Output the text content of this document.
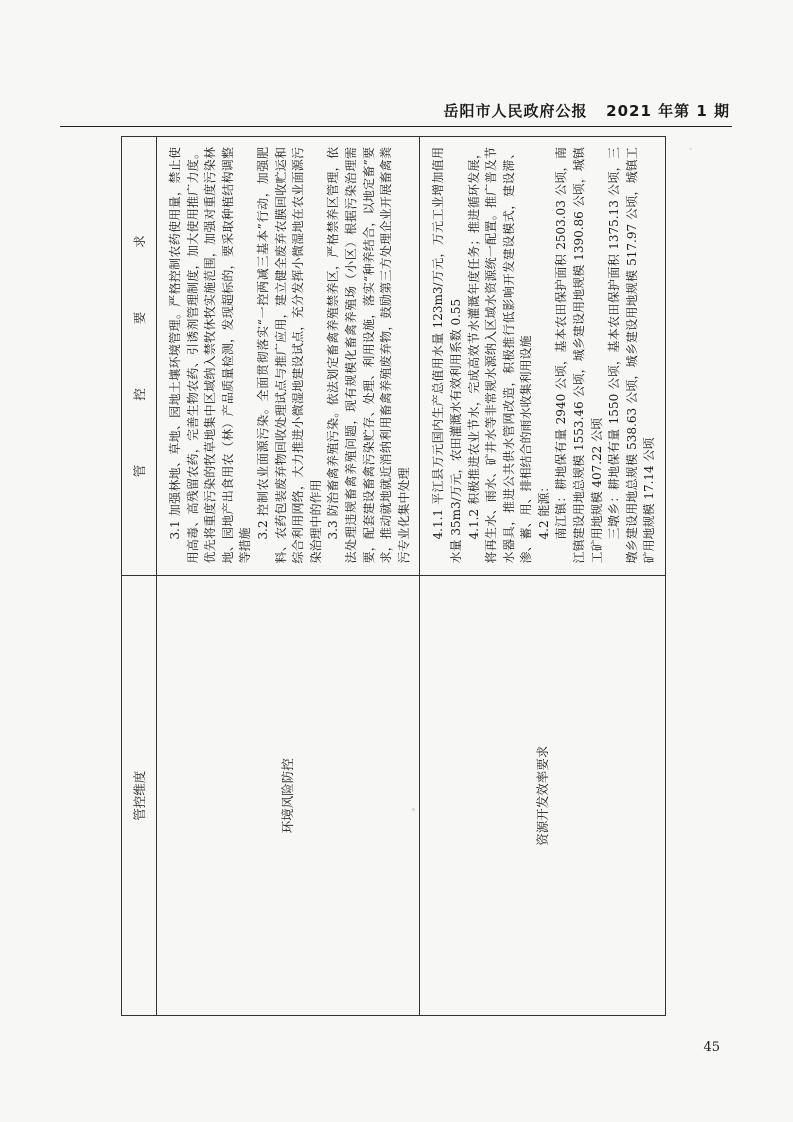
岳阳市人民政府公报 2021 年第 1 期
管控维度	管控要求
环境风险防控	3.1 加强林地、草地、园地土壤环境管理。严格控制农药使用量，禁止使用高毒、高残留农药，完善生物农药、引诱剂管理制度，加大使用推广力度。优先将重度污染的牧草地集中区域纳入禁牧休牧实施范围，加强对重度污染林地、园地产出食用农（林）产品质量检测，发现超标的，要采取种植结构调整等措施

3.2 控制农业面源污染。全面贯彻落实“一控两减三基本”行动，加强肥料、农药包装废弃物回收处理试点与推广应用，建立健全废弃农膜回收贮运和综合利用网络，大力推进小微湿地建设试点，充分发挥小微湿地在农业面源污染治理中的作用 3.3 防治畜禽养殖污染。依法划定畜禽养殖禁养区，严格禁养区管理，依法处理违规畜禽养殖问题，现有规模化畜禽养殖场（小区）根据污染治理需要，配套建设畜禽污染贮存、处理、利用设施，落实“种养结合，以地定畜”要求，推动就地就近消纳利用畜禽养殖废弃物，鼓励第三方处理企业开展畜禽粪污专业化集中处理

资源开发效率要求	4.1.1 平江县万元国内生产总值用水量 123m3/万元，万元工业增加值用水量 35m3/万元，农田灌溉水有效利用系数 0.55 4.1.2 积极推进农业节水，完成高效节水灌溉年度任务；推进循环发展，将再生水、雨水、矿井水等非常规水源纳入区域水资源统一配置。推广普及节水器具，推进公共供水管网改造，积极推行低影响开发建设模式，建设滞、渗、蓄、用、排相结合的雨水收集利用设施 4.2 能源： 南江镇：耕地保有量 2940 公顷，基本农田保护面积 2503.03 公顷，南江镇建设用地总规模 1553.46 公顷，城乡建设用地规模 1390.86 公顷，城镇工矿用地规模 407.22 公顷 三墩乡：耕地保有量 1550 公顷，基本农田保护面积 1375.13 公顷，三墩乡建设用地总规模 538.63 公顷，城乡建设用地规模 517.97 公顷，城镇工矿用地规模 17.14 公顷

45
